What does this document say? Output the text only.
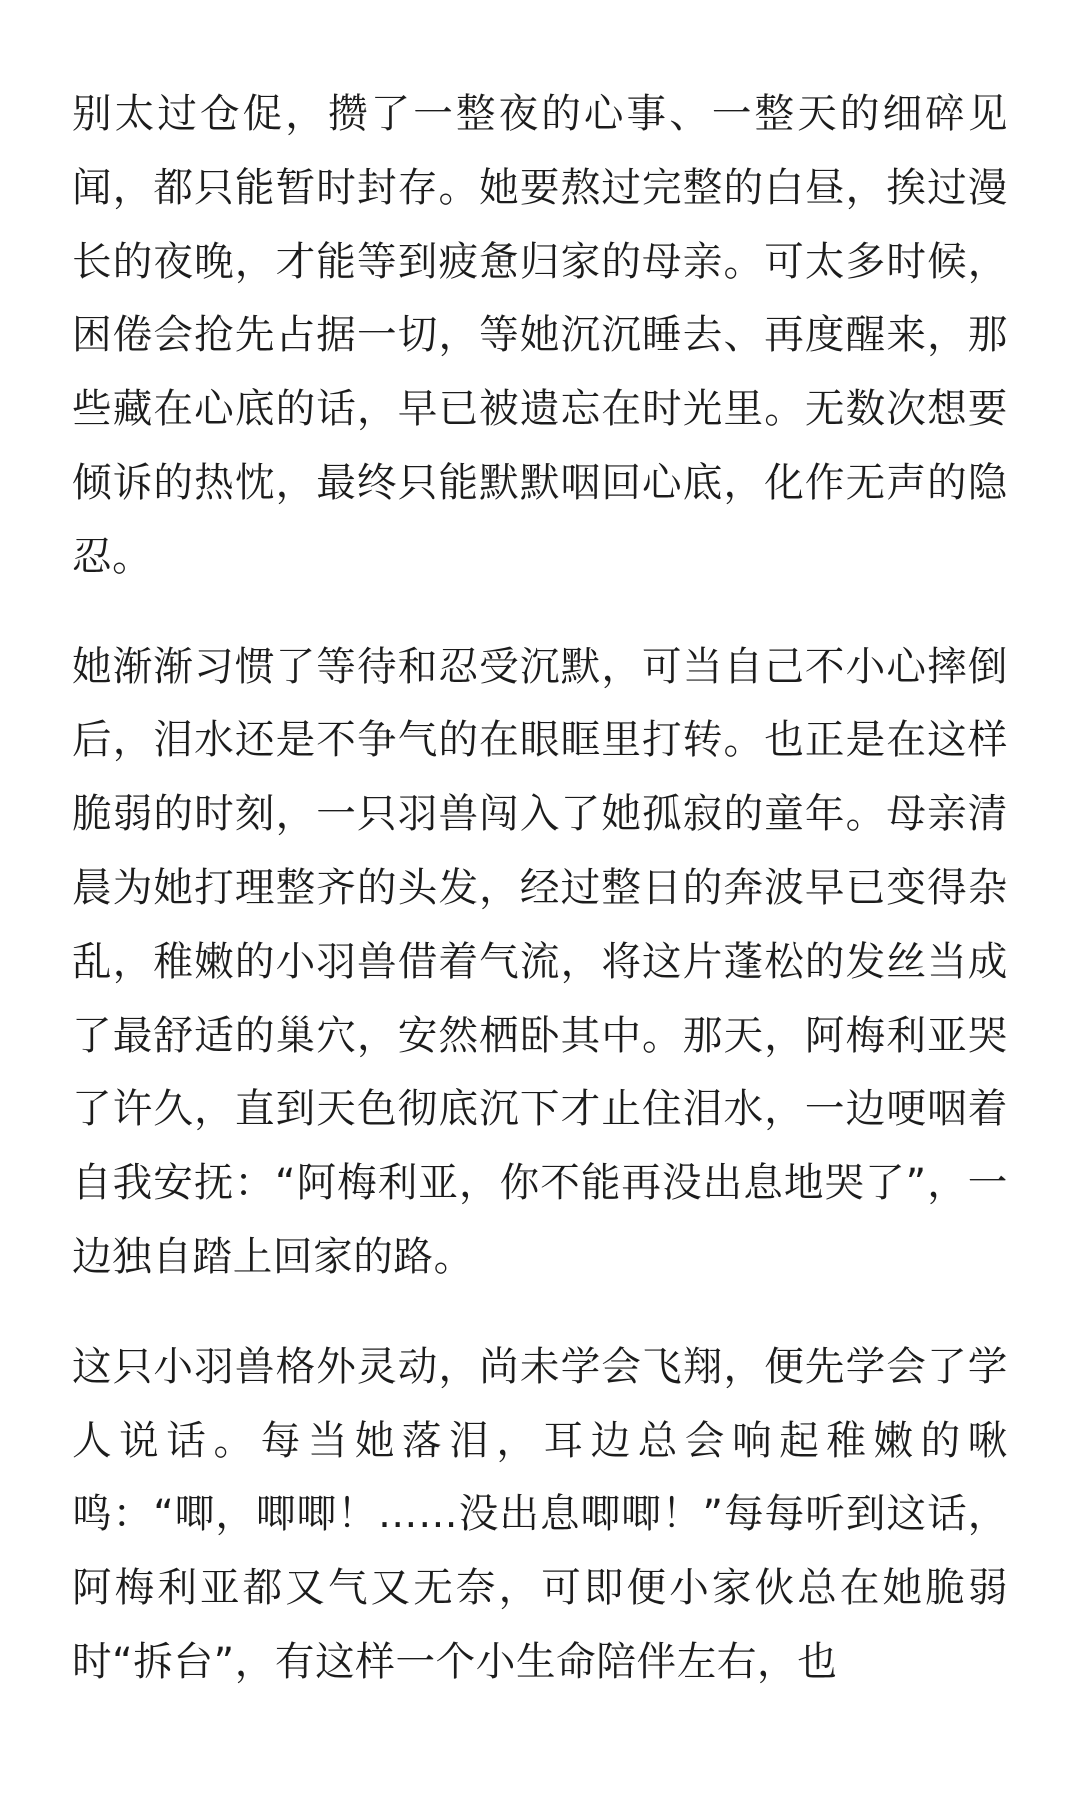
别太过仓促，攒了一整夜的心事、一整天的细碎见闻，都只能暂时封存。她要熬过完整的白昼，挨过漫长的夜晚，才能等到疲惫归家的母亲。可太多时候，困倦会抢先占据一切，等她沉沉睡去、再度醒来，那些藏在心底的话，早已被遗忘在时光里。无数次想要倾诉的热忱，最终只能默默咽回心底，化作无声的隐忍。

她渐渐习惯了等待和忍受沉默，可当自己不小心摔倒后，泪水还是不争气的在眼眶里打转。也正是在这样脆弱的时刻，一只羽兽闯入了她孤寂的童年。母亲清晨为她打理整齐的头发，经过整日的奔波早已变得杂乱，稚嫩的小羽兽借着气流，将这片蓬松的发丝当成了最舒适的巢穴，安然栖卧其中。那天，阿梅利亚哭了许久，直到天色彻底沉下才止住泪水，一边哽咽着自我安抚：“阿梅利亚，你不能再没出息地哭了”，一边独自踏上回家的路。

这只小羽兽格外灵动，尚未学会飞翔，便先学会了学人说话。每当她落泪，耳边总会响起稚嫩的啾鸣：“唧，唧唧！……没出息唧唧！”每每听到这话，阿梅利亚都又气又无奈，可即便小家伙总在她脆弱时“拆台”，有这样一个小生命陪伴左右，也
